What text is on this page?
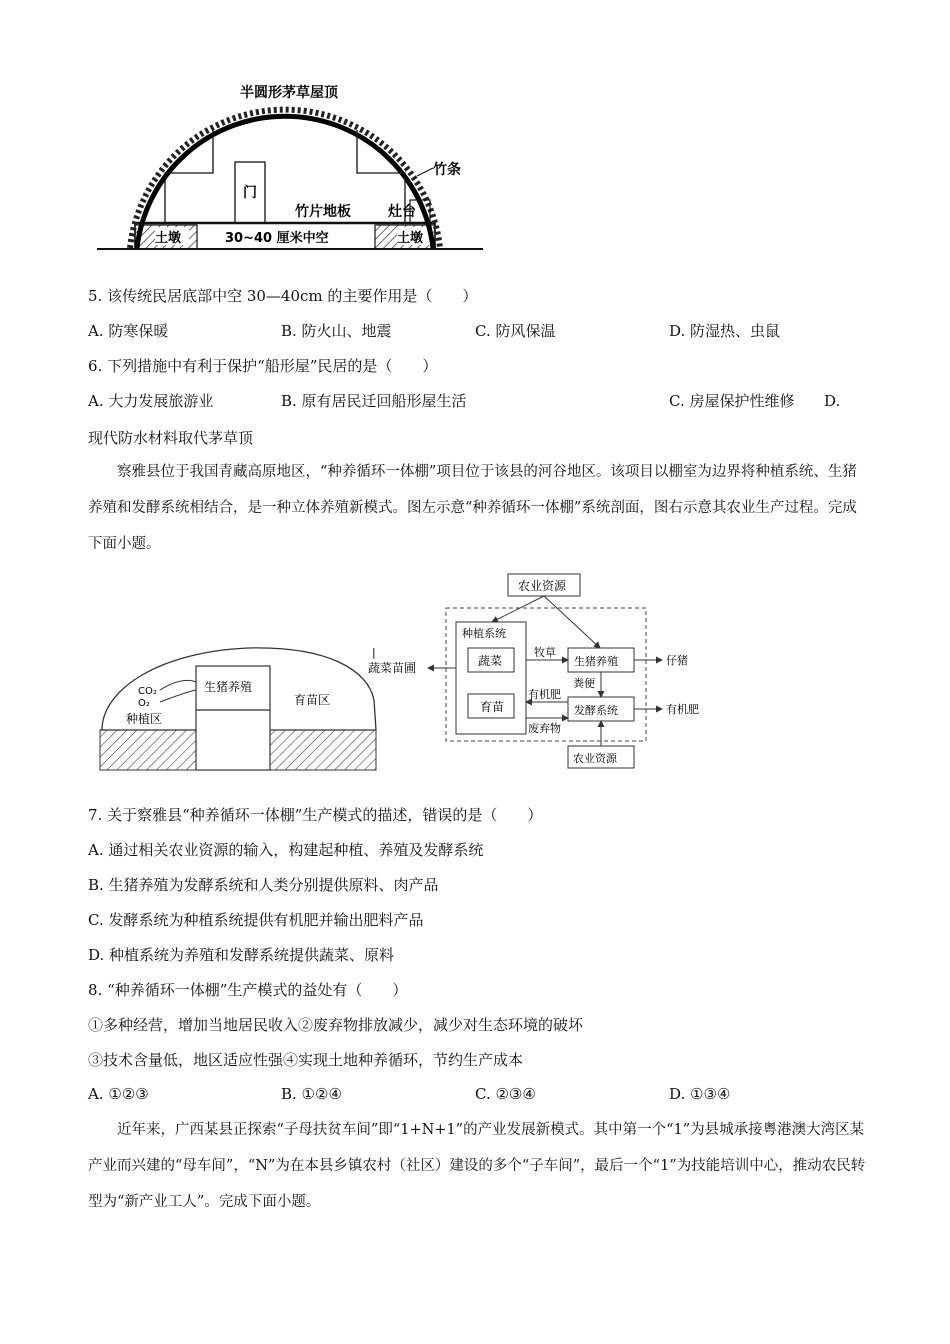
半圆形茅草屋顶
竹条
门
竹片地板	灶台
土墩	土墩
30~40 厘米中空
5. 该传统民居底部中空 30—40cm 的主要作用是（　　）
A. 防寒保暖	B. 防火山、地震	C. 防风保温	D. 防湿热、虫鼠
6. 下列措施中有利于保护“船形屋”民居的是（　　）
A. 大力发展旅游业	B. 原有居民迁回船形屋生活	C. 房屋保护性维修 D.
现代防水材料取代茅草顶
察雅县位于我国青藏高原地区，“种养循环一体棚”项目位于该县的河谷地区。该项目以棚室为边界将种植系统、生猪养殖和发酵系统相结合，是一种立体养殖新模式。图左示意“种养循环一体棚”系统剖面，图右示意其农业生产过程。完成下面小题。
CO₂
O₂
生猪养殖
种植区
育苗区
农业资源
种植系统
蔬菜
育苗
生猪养殖
发酵系统
农业资源
牧草
粪便
有机肥
废弃物
仔猪
有机肥
蔬菜苗圃
|
7. 关于察雅县“种养循环一体棚”生产模式的描述，错误的是（　　）
A. 通过相关农业资源的输入，构建起种植、养殖及发酵系统
B. 生猪养殖为发酵系统和人类分别提供原料、肉产品
C. 发酵系统为种植系统提供有机肥并输出肥料产品
D. 种植系统为养殖和发酵系统提供蔬菜、原料
8. “种养循环一体棚”生产模式的益处有（　　）
①多种经营，增加当地居民收入②废弃物排放减少，减少对生态环境的破坏
③技术含量低，地区适应性强④实现土地种养循环，节约生产成本
A. ①②③	B. ①②④	C. ②③④	D. ①③④
近年来，广西某县正探索“子母扶贫车间”即“1+N+1”的产业发展新模式。其中第一个“1”为县城承接粤港澳大湾区某产业而兴建的“母车间”，“N”为在本县乡镇农村（社区）建设的多个“子车间”，最后一个“1”为技能培训中心，推动农民转型为“新产业工人”。完成下面小题。
